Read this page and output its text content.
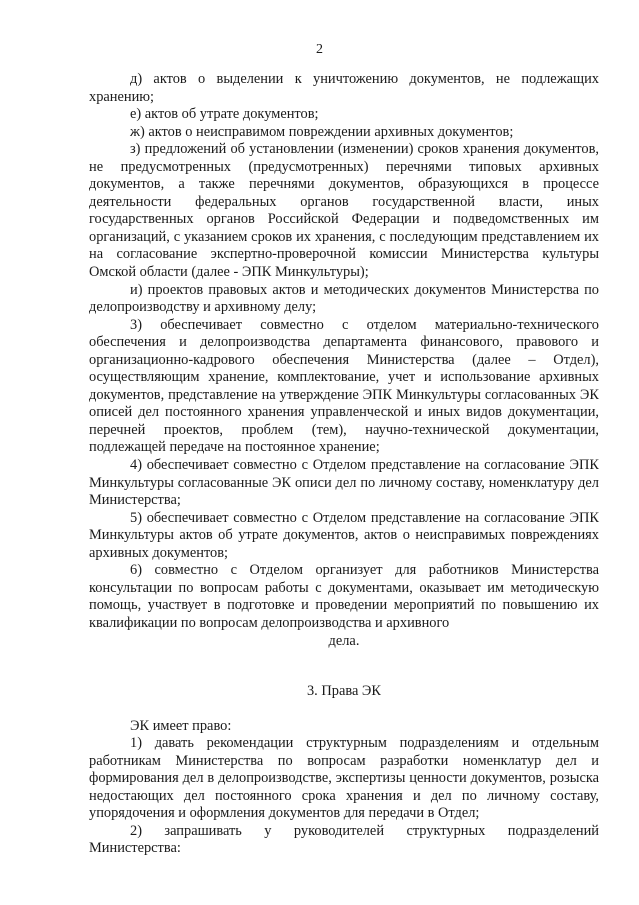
2

д) актов о выделении к уничтожению документов, не подлежащих хранению;

е) актов об утрате документов;

ж) актов о неисправимом повреждении архивных документов;

з) предложений об установлении (изменении) сроков хранения документов, не предусмотренных (предусмотренных) перечнями типовых архивных документов, а также перечнями документов, образующихся в процессе деятельности федеральных органов государственной власти, иных государственных органов Российской Федерации и подведомственных им организаций, с указанием сроков их хранения, с последующим представлением их на согласование экспертно-проверочной комиссии Министерства культуры Омской области (далее - ЭПК Минкультуры);

и) проектов правовых актов и методических документов Министерства по делопроизводству и архивному делу;

3) обеспечивает совместно с отделом материально-технического обеспечения и делопроизводства департамента финансового, правового и организационно-кадрового обеспечения Министерства (далее – Отдел), осуществляющим хранение, комплектование, учет и использование архивных документов, представление на утверждение ЭПК Минкультуры согласованных ЭК описей дел постоянного хранения управленческой и иных видов документации, перечней проектов, проблем (тем), научно-технической документации, подлежащей передаче на постоянное хранение;

4) обеспечивает совместно с Отделом представление на согласование ЭПК Минкультуры согласованные ЭК описи дел по личному составу, номенклатуру дел Министерства;

5) обеспечивает совместно с Отделом представление на согласование ЭПК Минкультуры актов об утрате документов, актов о неисправимых повреждениях архивных документов;

6) совместно с Отделом организует для работников Министерства консультации по вопросам работы с документами, оказывает им методическую помощь, участвует в подготовке и проведении мероприятий по повышению их квалификации по вопросам делопроизводства и архивного

дела.

3. Права ЭК

ЭК имеет право:

1) давать рекомендации структурным подразделениям и отдельным работникам Министерства по вопросам разработки номенклатур дел и формирования дел в делопроизводстве, экспертизы ценности документов, розыска недостающих дел постоянного срока хранения и дел по личному составу, упорядочения и оформления документов для передачи в Отдел;

2) запрашивать у руководителей структурных подразделений Министерства:
